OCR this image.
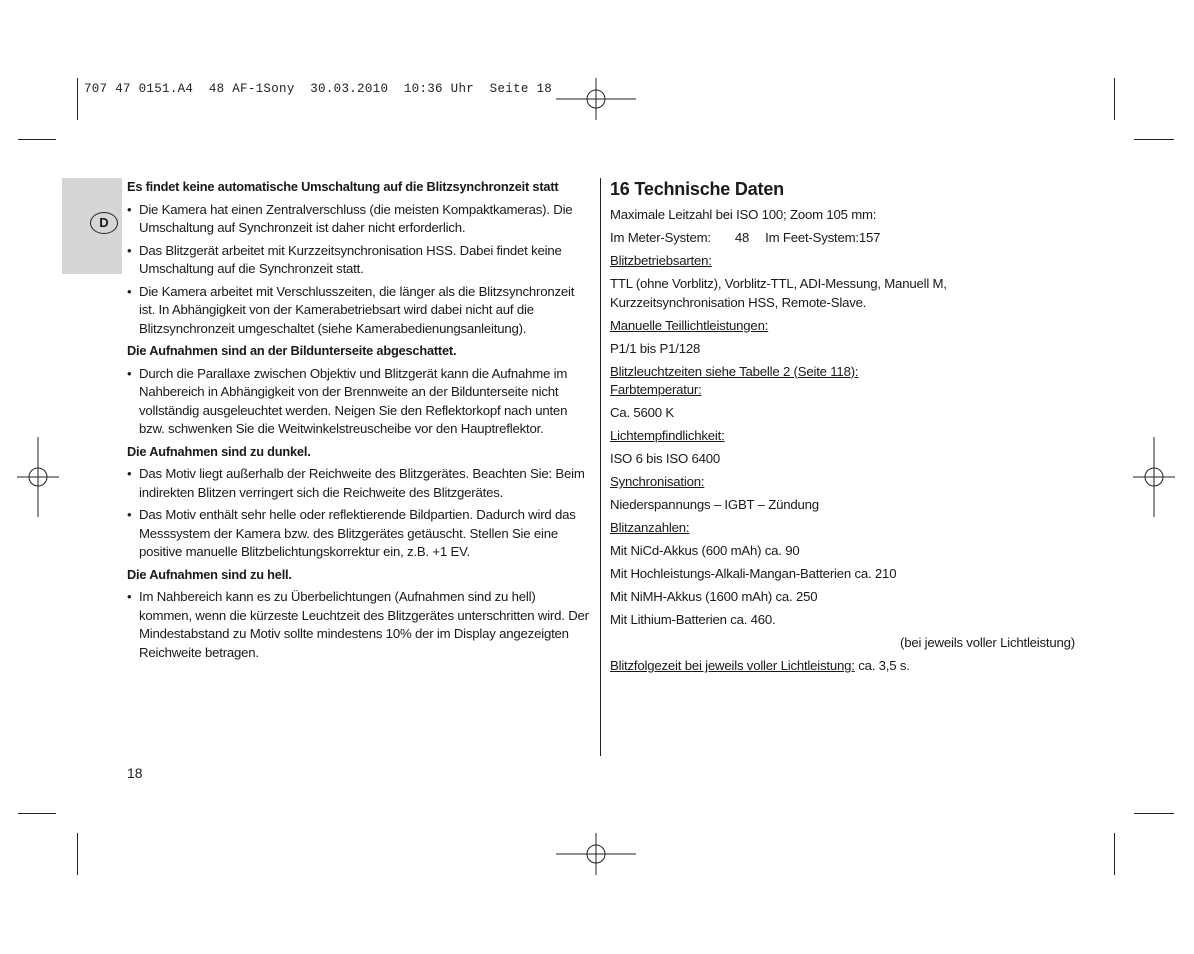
707 47 0151.A4  48 AF-1Sony  30.03.2010  10:36 Uhr  Seite 18
D
Es findet keine automatische Umschaltung auf die Blitzsynchronzeit statt
• Die Kamera hat einen Zentralverschluss (die meisten Kompaktkameras). Die Umschaltung auf Synchronzeit ist daher nicht erforderlich.
• Das Blitzgerät arbeitet mit Kurzzeitsynchronisation HSS. Dabei findet keine Umschaltung auf die Synchronzeit statt.
• Die Kamera arbeitet mit Verschlusszeiten, die länger als die Blitzsynchronzeit ist. In Abhängigkeit von der Kamerabetriebsart wird dabei nicht auf die Blitzsynchronzeit umgeschaltet (siehe Kamerabedienungsanleitung).
Die Aufnahmen sind an der Bildunterseite abgeschattet.
• Durch die Parallaxe zwischen Objektiv und Blitzgerät kann die Aufnahme im Nahbereich in Abhängigkeit von der Brennweite an der Bildunterseite nicht vollständig ausgeleuchtet werden. Neigen Sie den Reflektorkopf nach unten bzw. schwenken Sie die Weitwinkelstreuscheibe vor den Hauptreflektor.
Die Aufnahmen sind zu dunkel.
• Das Motiv liegt außerhalb der Reichweite des Blitzgerätes. Beachten Sie: Beim indirekten Blitzen verringert sich die Reichweite des Blitzgerätes.
• Das Motiv enthält sehr helle oder reflektierende Bildpartien. Dadurch wird das Messsystem der Kamera bzw. des Blitzgerätes getäuscht. Stellen Sie eine positive manuelle Blitzbelichtungskorrektur ein, z.B. +1 EV.
Die Aufnahmen sind zu hell.
• Im Nahbereich kann es zu Überbelichtungen (Aufnahmen sind zu hell) kommen, wenn die kürzeste Leuchtzeit des Blitzgerätes unterschritten wird. Der Mindestabstand zu Motiv sollte mindestens 10% der im Display angezeigten Reichweite betragen.
16 Technische Daten

Maximale Leitzahl bei ISO 100; Zoom 105 mm:

Im Meter-System: 48 Im Feet-System:157

Blitzbetriebsarten:

TTL (ohne Vorblitz), Vorblitz-TTL, ADI-Messung, Manuell M, Kurzzeitsynchronisation HSS, Remote-Slave.

Manuelle Teillichtleistungen:

P1/1 bis P1/128

Blitzleuchtzeiten siehe Tabelle 2 (Seite 118):

Farbtemperatur:

Ca. 5600 K

Lichtempfindlichkeit:

ISO 6 bis ISO 6400

Synchronisation:

Niederspannungs – IGBT – Zündung

Blitzanzahlen:

Mit NiCd-Akkus (600 mAh) ca. 90

Mit Hochleistungs-Alkali-Mangan-Batterien ca. 210

Mit NiMH-Akkus (1600 mAh) ca. 250

Mit Lithium-Batterien ca. 460.

(bei jeweils voller Lichtleistung)

Blitzfolgezeit bei jeweils voller Lichtleistung: ca. 3,5 s.

18
